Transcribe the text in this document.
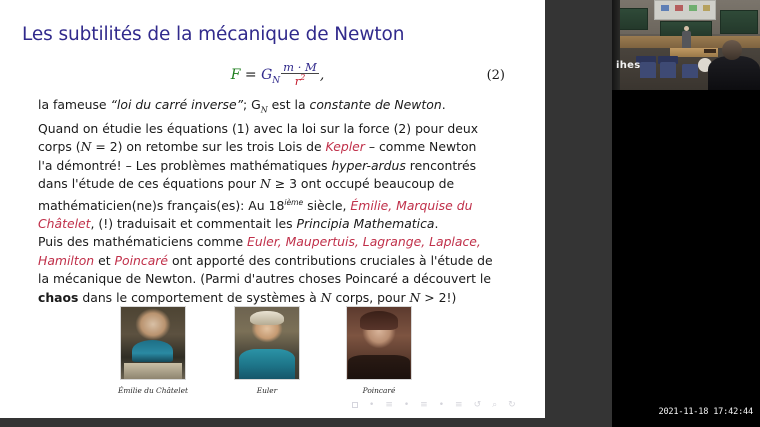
Les subtilités de la mécanique de Newton
$F = G_N \frac{m \cdot M}{r^2}$ ,	(2)

la fameuse “loi du carré inverse”; $G_N$ est la constante de Newton.

Quand on étudie les équations (1) avec la loi sur la force (2) pour deux

corps (N = 2) on retombe sur les trois Lois de Kepler – comme Newton

l'a démontré! – Les problèmes mathématiques hyper-ardus rencontrés

dans l'étude de ces équations pour N ≥ 3 ont occupé beaucoup de

mathématicien(ne)s français(es): Au 18ième siècle, Émilie, Marquise du

Châtelet, (!) traduisait et commentait les Principia Mathematica.

Puis des mathématiciens comme Euler, Maupertuis, Lagrange, Laplace,

Hamilton et Poincaré ont apporté des contributions cruciales à l'étude de

la mécanique de Newton. (Parmi d'autres choses Poincaré a découvert le

chaos dans le comportement de systèmes à N corps, pour N > 2!)

Émilie du Châtelet	Euler	Poincaré
• ≡ • ≡ • ≡ ↺ ⌕ ↻
ihes
2021-11-18 17:42:44
